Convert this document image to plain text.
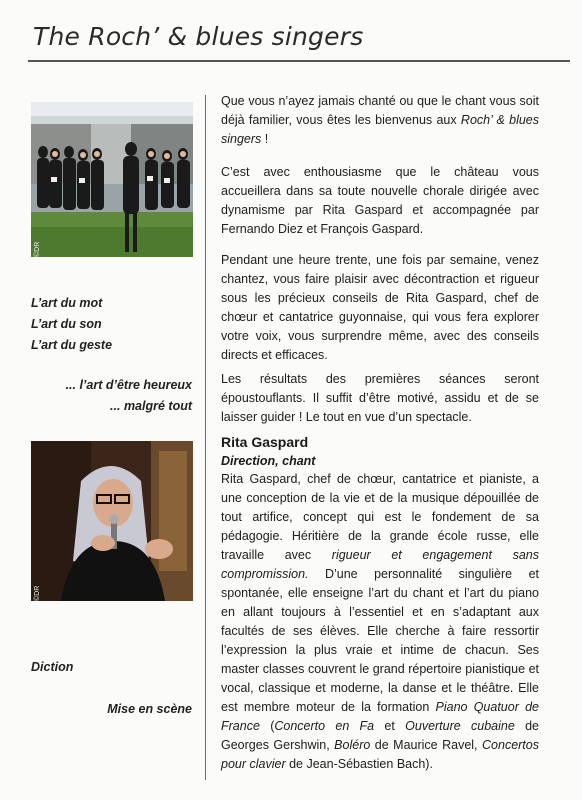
The Roch’ & blues singers
©DR
L’art du mot
L’art du son
L’art du geste
... l’art d’être heureux
... malgré tout
©DR
Diction
Mise en scène

Que vous n’ayez jamais chanté ou que le chant vous soit déjà familier, vous êtes les bienvenus aux Roch’ & blues singers !

C’est avec enthousiasme que le château vous accueillera dans sa toute nouvelle chorale dirigée avec dynamisme par Rita Gaspard et accompagnée par Fernando Diez et François Gaspard.

Pendant une heure trente, une fois par semaine, venez chantez, vous faire plaisir avec décontraction et rigueur sous les précieux conseils de Rita Gaspard, chef de chœur et cantatrice guyonnaise, qui vous fera explorer votre voix, vous surprendre même, avec des conseils directs et efficaces.

Les résultats des premières séances seront époustouflants. Il suffit d’être motivé, assidu et de se laisser guider ! Le tout en vue d’un spectacle.

Rita Gaspard
Direction, chant

Rita Gaspard, chef de chœur, cantatrice et pianiste, a une conception de la vie et de la musique dépouillée de tout artifice, concept qui est le fondement de sa pédagogie. Héritière de la grande école russe, elle travaille avec rigueur et engagement sans compromission. D’une personnalité singulière et spontanée, elle enseigne l’art du chant et l’art du piano en allant toujours à l’essentiel et en s’adaptant aux facultés de ses élèves. Elle cherche à faire ressortir l’expression la plus vraie et intime de chacun. Ses master classes couvrent le grand répertoire pianistique et vocal, classique et moderne, la danse et le théâtre. Elle est membre moteur de la formation Piano Quatuor de France (Concerto en Fa et Ouverture cubaine de Georges Gershwin, Boléro de Maurice Ravel, Concertos pour clavier de Jean-Sébastien Bach).
